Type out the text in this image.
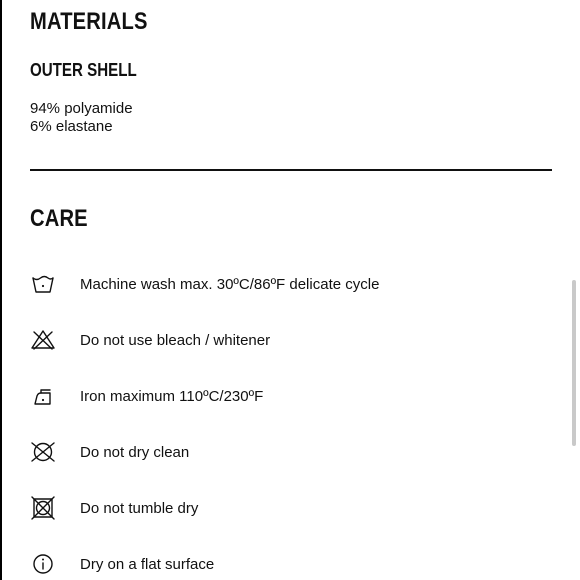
MATERIALS
OUTER SHELL
94% polyamide
6% elastane
CARE
Machine wash max. 30ºC/86ºF delicate cycle
Do not use bleach / whitener
Iron maximum 110ºC/230ºF
Do not dry clean
Do not tumble dry
Dry on a flat surface
